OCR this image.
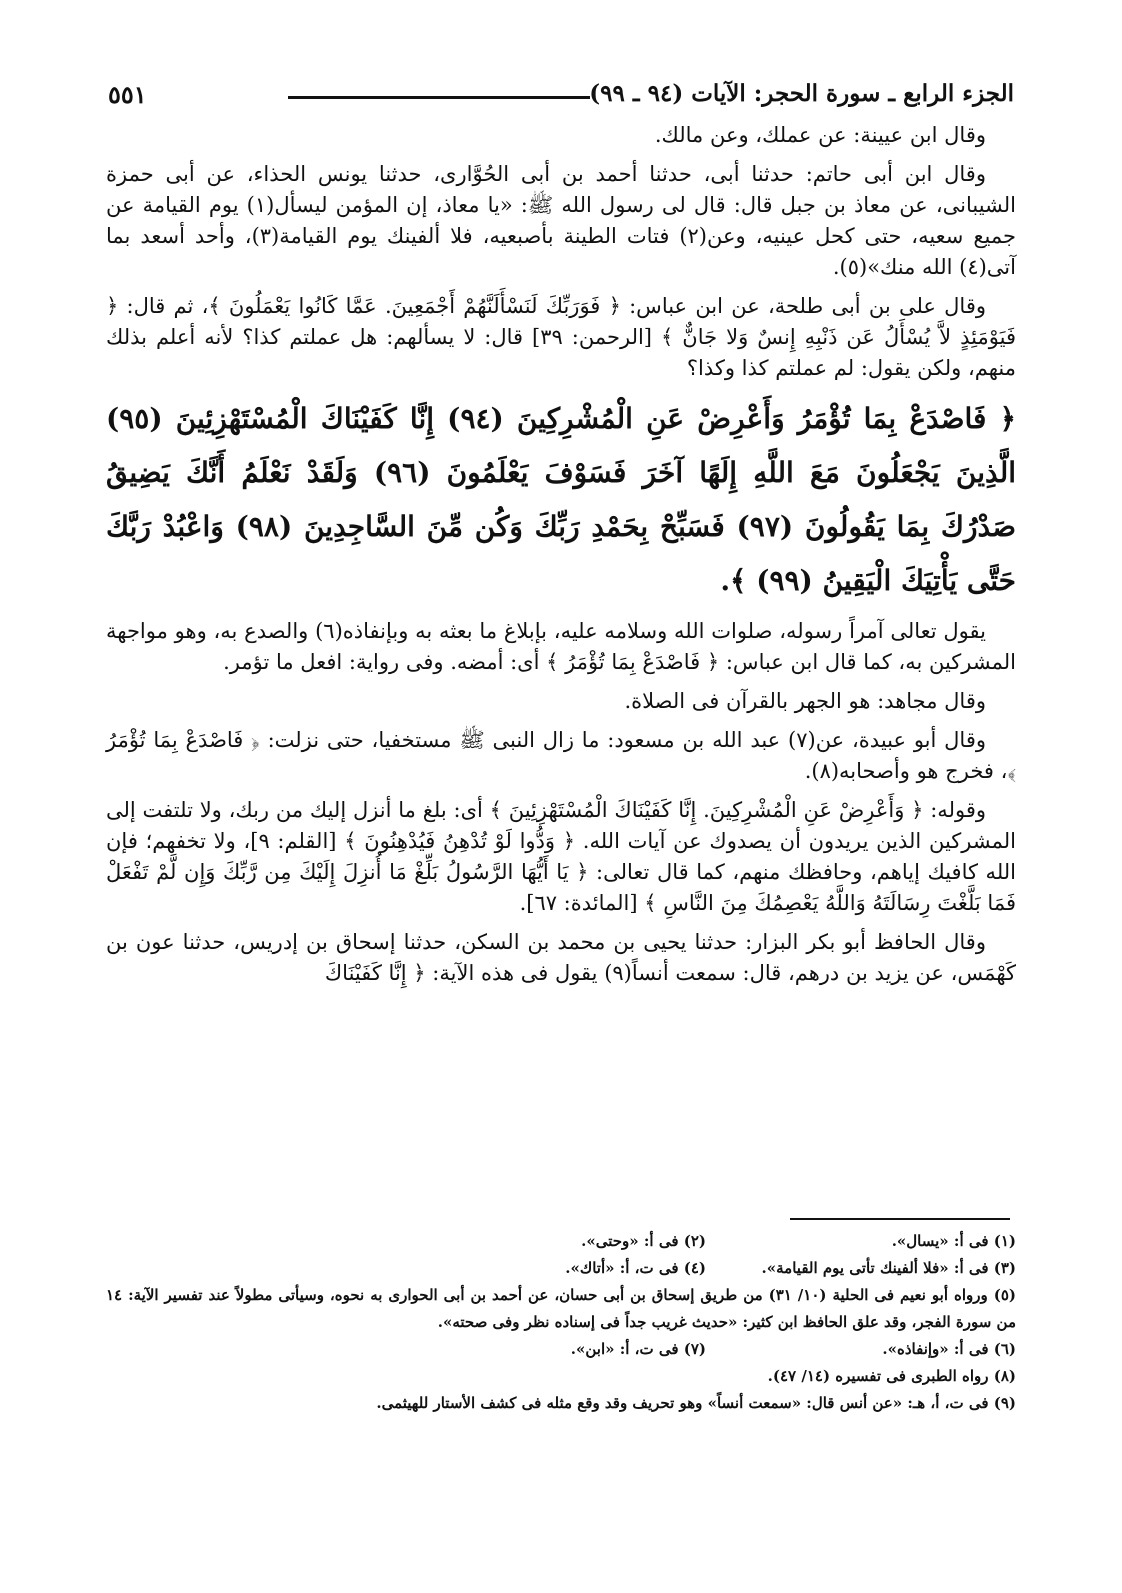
الجزء الرابع ـ سورة الحجر: الآيات (٩٤ ـ ٩٩)
٥٥١

وقال ابن عيينة: عن عملك، وعن مالك.

وقال ابن أبى حاتم: حدثنا أبى، حدثنا أحمد بن أبى الحُوَّارى، حدثنا يونس الحذاء، عن أبى حمزة الشيبانى، عن معاذ بن جبل قال: قال لى رسول الله ﷺ: «يا معاذ، إن المؤمن ليسأل(١) يوم القيامة عن جميع سعيه، حتى كحل عينيه، وعن(٢) فتات الطينة بأصبعيه، فلا ألفينك يوم القيامة(٣)، وأحد أسعد بما آتى(٤) الله منك»(٥).

وقال على بن أبى طلحة، عن ابن عباس: ﴿ فَوَرَبِّكَ لَنَسْأَلَنَّهُمْ أَجْمَعِينَ. عَمَّا كَانُوا يَعْمَلُونَ ﴾، ثم قال: ﴿ فَيَوْمَئِذٍ لاَّ يُسْأَلُ عَن ذَنْبِهِ إِنسٌ وَلا جَانٌّ ﴾ [الرحمن: ٣٩] قال: لا يسألهم: هل عملتم كذا؟ لأنه أعلم بذلك منهم، ولكن يقول: لم عملتم كذا وكذا؟

﴿ فَاصْدَعْ بِمَا تُؤْمَرُ وَأَعْرِضْ عَنِ الْمُشْرِكِينَ (٩٤) إِنَّا كَفَيْنَاكَ الْمُسْتَهْزِئِينَ (٩٥) الَّذِينَ يَجْعَلُونَ مَعَ اللَّهِ إِلَهًا آخَرَ فَسَوْفَ يَعْلَمُونَ (٩٦) وَلَقَدْ نَعْلَمُ أَنَّكَ يَضِيقُ صَدْرُكَ بِمَا يَقُولُونَ (٩٧) فَسَبِّحْ بِحَمْدِ رَبِّكَ وَكُن مِّنَ السَّاجِدِينَ (٩٨) وَاعْبُدْ رَبَّكَ حَتَّى يَأْتِيَكَ الْيَقِينُ (٩٩) ﴾.

يقول تعالى آمراً رسوله، صلوات الله وسلامه عليه، بإبلاغ ما بعثه به وبإنفاذه(٦) والصدع به، وهو مواجهة المشركين به، كما قال ابن عباس: ﴿ فَاصْدَعْ بِمَا تُؤْمَرُ ﴾ أى: أمضه. وفى رواية: افعل ما تؤمر.

وقال مجاهد: هو الجهر بالقرآن فى الصلاة.

وقال أبو عبيدة، عن(٧) عبد الله بن مسعود: ما زال النبى ﷺ مستخفيا، حتى نزلت: ﴿ فَاصْدَعْ بِمَا تُؤْمَرُ ﴾، فخرج هو وأصحابه(٨).

وقوله: ﴿ وَأَعْرِضْ عَنِ الْمُشْرِكِينَ. إِنَّا كَفَيْنَاكَ الْمُسْتَهْزِئِينَ ﴾ أى: بلغ ما أنزل إليك من ربك، ولا تلتفت إلى المشركين الذين يريدون أن يصدوك عن آيات الله. ﴿ وَدُّوا لَوْ تُدْهِنُ فَيُدْهِنُونَ ﴾ [القلم: ٩]، ولا تخفهم؛ فإن الله كافيك إياهم، وحافظك منهم، كما قال تعالى: ﴿ يَا أَيُّهَا الرَّسُولُ بَلِّغْ مَا أُنزِلَ إِلَيْكَ مِن رَّبِّكَ وَإِن لَّمْ تَفْعَلْ فَمَا بَلَّغْتَ رِسَالَتَهُ وَاللَّهُ يَعْصِمُكَ مِنَ النَّاسِ ﴾ [المائدة: ٦٧].

وقال الحافظ أبو بكر البزار: حدثنا يحيى بن محمد بن السكن، حدثنا إسحاق بن إدريس، حدثنا عون بن كَهْمَس، عن يزيد بن درهم، قال: سمعت أنساً(٩) يقول فى هذه الآية: ﴿ إِنَّا كَفَيْنَاكَ

(١) فى أ: «يسال».
(٢) فى أ: «وحتى».
(٣) فى أ: «فلا ألفينك تأتى يوم القيامة».
(٤) فى ت، أ: «أتاك».
(٥) ورواه أبو نعيم فى الحلية (١٠/ ٣١) من طريق إسحاق بن أبى حسان، عن أحمد بن أبى الحوارى به نحوه، وسيأتى مطولاً عند تفسير الآية: ١٤ من سورة الفجر، وقد علق الحافظ ابن كثير: «حديث غريب جداً فى إسناده نظر وفى صحته».
(٦) فى أ: «وإنفاذه».
(٧) فى ت، أ: «ابن».
(٨) رواه الطبرى فى تفسيره (١٤/ ٤٧).
(٩) فى ت، أ، هـ: «عن أنس قال: «سمعت أنساً» وهو تحريف وقد وقع مثله فى كشف الأستار للهيثمى.
